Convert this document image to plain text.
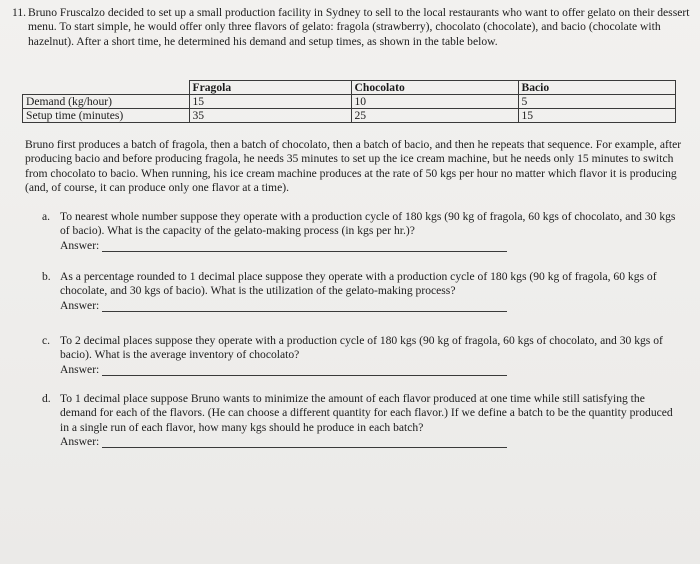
11. Bruno Fruscalzo decided to set up a small production facility in Sydney to sell to the local restaurants who want to offer gelato on their dessert menu. To start simple, he would offer only three flavors of gelato: fragola (strawberry), chocolato (chocolate), and bacio (chocolate with hazelnut). After a short time, he determined his demand and setup times, as shown in the table below.
	Fragola	Chocolato	Bacio
Demand (kg/hour)	15	10	5
Setup time (minutes)	35	25	15
Bruno first produces a batch of fragola, then a batch of chocolato, then a batch of bacio, and then he repeats that sequence. For example, after producing bacio and before producing fragola, he needs 35 minutes to set up the ice cream machine, but he needs only 15 minutes to switch from chocolato to bacio. When running, his ice cream machine produces at the rate of 50 kgs per hour no matter which flavor it is producing (and, of course, it can produce only one flavor at a time).
a. To nearest whole number suppose they operate with a production cycle of 180 kgs (90 kg of fragola, 60 kgs of chocolato, and 30 kgs of bacio). What is the capacity of the gelato-making process (in kgs per hr.)?
Answer:
b. As a percentage rounded to 1 decimal place suppose they operate with a production cycle of 180 kgs (90 kg of fragola, 60 kgs of chocolate, and 30 kgs of bacio). What is the utilization of the gelato-making process?
Answer:
c. To 2 decimal places suppose they operate with a production cycle of 180 kgs (90 kg of fragola, 60 kgs of chocolato, and 30 kgs of bacio). What is the average inventory of chocolato?
Answer:
d. To 1 decimal place suppose Bruno wants to minimize the amount of each flavor produced at one time while still satisfying the demand for each of the flavors. (He can choose a different quantity for each flavor.) If we define a batch to be the quantity produced in a single run of each flavor, how many kgs should he produce in each batch?
Answer:
